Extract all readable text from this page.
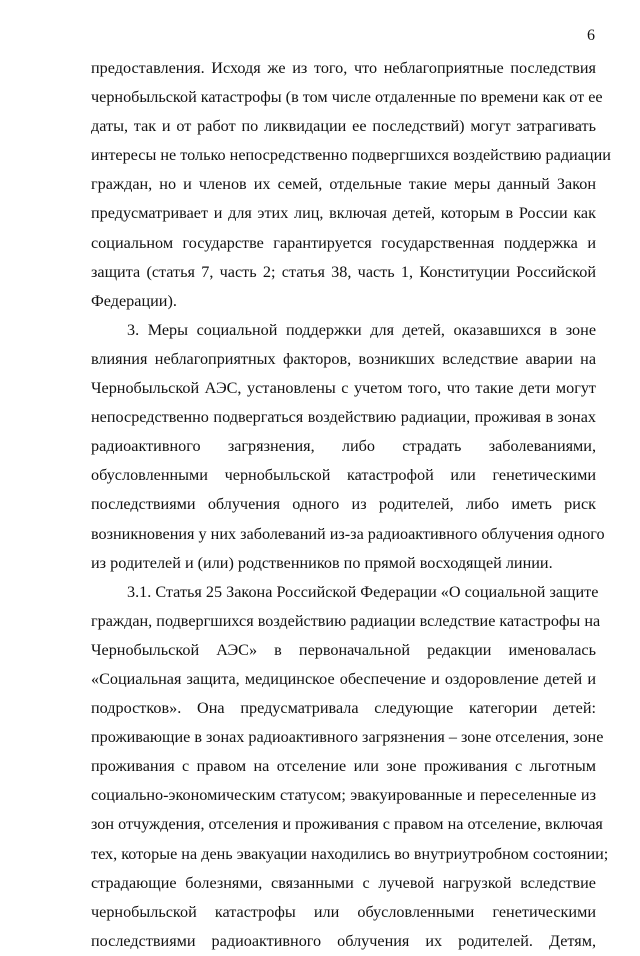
6
предоставления. Исходя же из того, что неблагоприятные последствия
чернобыльской катастрофы (в том числе отдаленные по времени как от ее
даты, так и от работ по ликвидации ее последствий) могут затрагивать
интересы не только непосредственно подвергшихся воздействию радиации
граждан, но и членов их семей, отдельные такие меры данный Закон
предусматривает и для этих лиц, включая детей, которым в России как
социальном государстве гарантируется государственная поддержка и
защита (статья 7, часть 2; статья 38, часть 1, Конституции Российской
Федерации).
3. Меры социальной поддержки для детей, оказавшихся в зоне
влияния неблагоприятных факторов, возникших вследствие аварии на
Чернобыльской АЭС, установлены с учетом того, что такие дети могут
непосредственно подвергаться воздействию радиации, проживая в зонах
радиоактивного загрязнения, либо страдать заболеваниями,
обусловленными чернобыльской катастрофой или генетическими
последствиями облучения одного из родителей, либо иметь риск
возникновения у них заболеваний из-за радиоактивного облучения одного
из родителей и (или) родственников по прямой восходящей линии.
3.1. Статья 25 Закона Российской Федерации «О социальной защите
граждан, подвергшихся воздействию радиации вследствие катастрофы на
Чернобыльской АЭС» в первоначальной редакции именовалась
«Социальная защита, медицинское обеспечение и оздоровление детей и
подростков». Она предусматривала следующие категории детей:
проживающие в зонах радиоактивного загрязнения – зоне отселения, зоне
проживания с правом на отселение или зоне проживания с льготным
социально-экономическим статусом; эвакуированные и переселенные из
зон отчуждения, отселения и проживания с правом на отселение, включая
тех, которые на день эвакуации находились во внутриутробном состоянии;
страдающие болезнями, связанными с лучевой нагрузкой вследствие
чернобыльской катастрофы или обусловленными генетическими
последствиями радиоактивного облучения их родителей. Детям,
